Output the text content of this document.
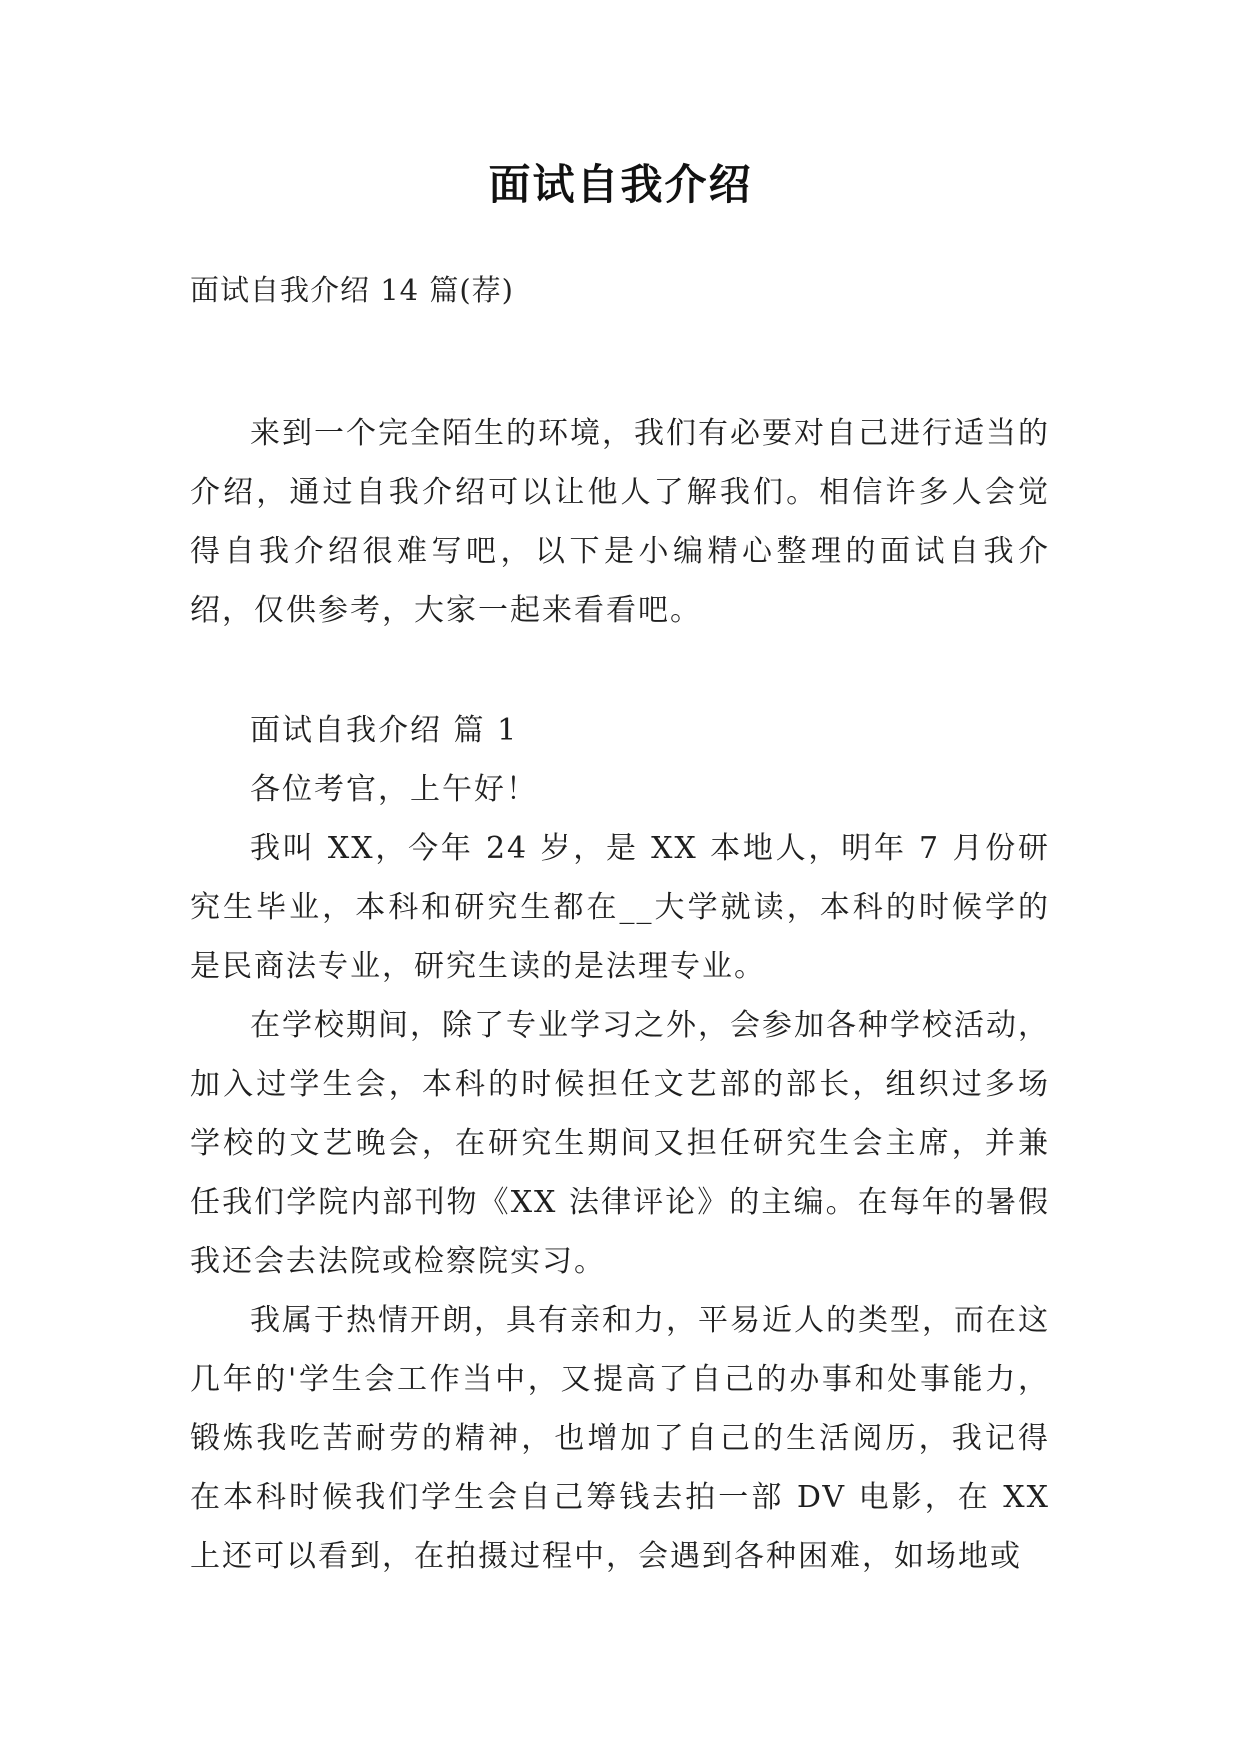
面试自我介绍
面试自我介绍 14 篇(荐)

来到一个完全陌生的环境，我们有必要对自己进行适当的介绍，通过自我介绍可以让他人了解我们。相信许多人会觉得自我介绍很难写吧，以下是小编精心整理的面试自我介绍，仅供参考，大家一起来看看吧。

面试自我介绍 篇 1

各位考官，上午好！

我叫 XX，今年 24 岁，是 XX 本地人，明年 7 月份研究生毕业，本科和研究生都在__大学就读，本科的时候学的是民商法专业，研究生读的是法理专业。

在学校期间，除了专业学习之外，会参加各种学校活动，加入过学生会，本科的时候担任文艺部的部长，组织过多场学校的文艺晚会，在研究生期间又担任研究生会主席，并兼任我们学院内部刊物《XX 法律评论》的主编。在每年的暑假我还会去法院或检察院实习。

我属于热情开朗，具有亲和力，平易近人的类型，而在这几年的'学生会工作当中，又提高了自己的办事和处事能力，锻炼我吃苦耐劳的精神，也增加了自己的生活阅历，我记得在本科时候我们学生会自己筹钱去拍一部 DV 电影，在 XX 上还可以看到，在拍摄过程中，会遇到各种困难，如场地或
